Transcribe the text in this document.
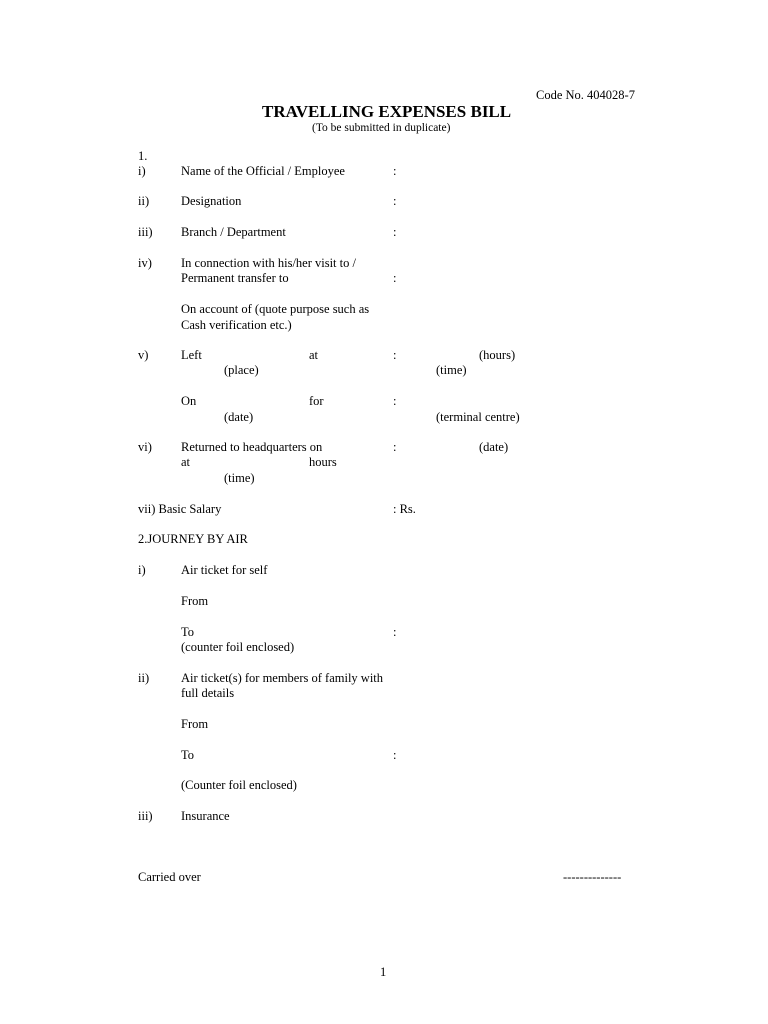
Code No. 404028-7
TRAVELLING EXPENSES BILL
(To be submitted in duplicate)
1.
i)	Name of the Official / Employee	:
ii)	Designation	:
iii) Branch / Department	:
iv) In connection with his/her visit to /
Permanent transfer to	:
On account of (quote purpose such as
Cash verification etc.)
v)	Left	at	:	(hours)
(place)	(time)
On	for	:
(date)	(terminal centre)
vi) Returned to headquarters on	:	(date)
at	hours
(time)
vii) Basic Salary	: Rs.
2.JOURNEY BY AIR
i)	Air ticket for self
From
To	:
(counter foil enclosed)
ii)	Air ticket(s) for members of family with
full details
From
To	:
(Counter foil enclosed)
iii) Insurance
Carried over	--------------
1
